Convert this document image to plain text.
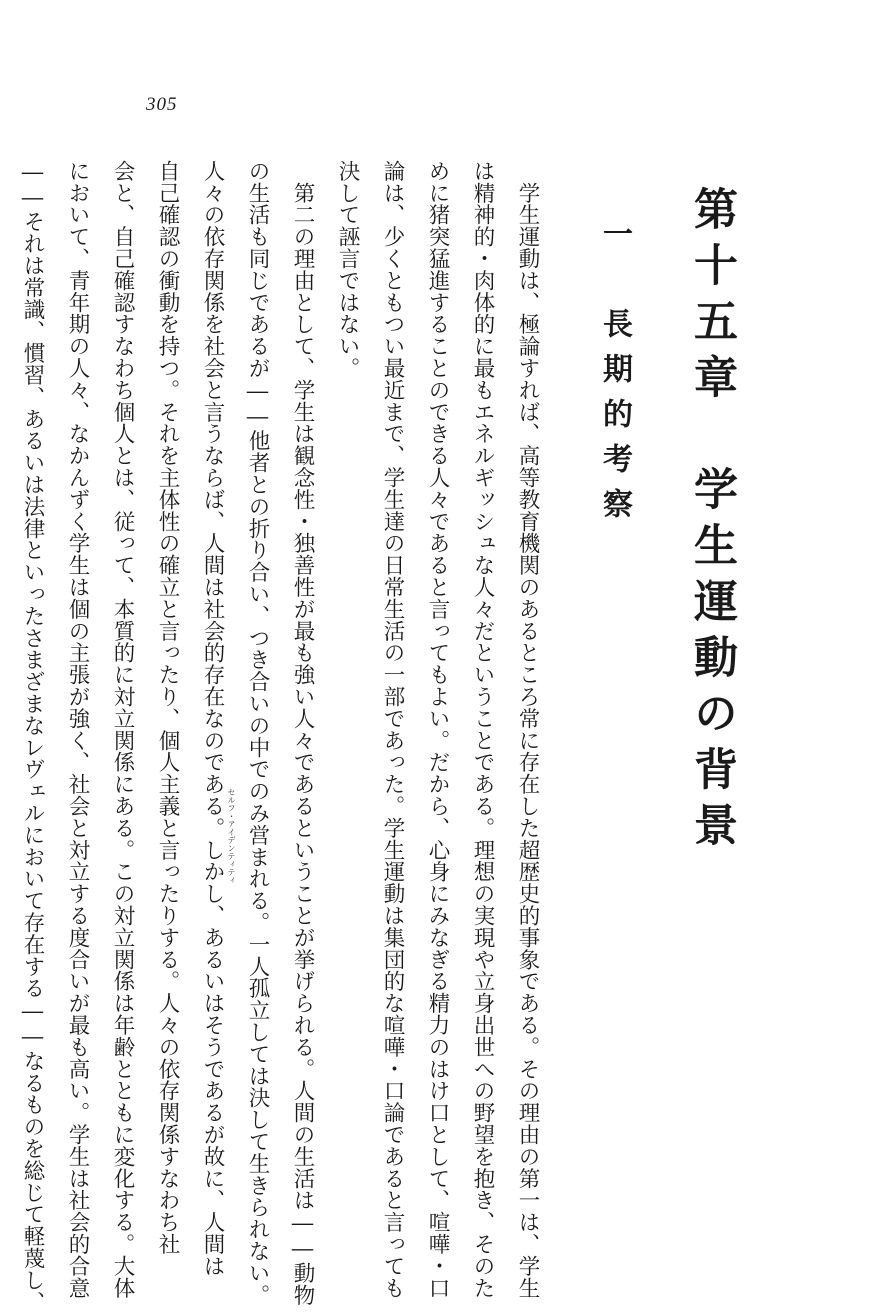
305
第十五章　学生運動の背景
一　長期的考察
　学生運動は、極論すれば、高等教育機関のあるところ常に存在した超歴史的事象である。その理由の第一は、学生
は精神的・肉体的に最もエネルギッシュな人々だということである。理想の実現や立身出世への野望を抱き、そのた
めに猪突猛進することのできる人々であると言ってもよい。だから、心身にみなぎる精力のはけ口として、喧嘩・口
論は、少くともつい最近まで、学生達の日常生活の一部であった。学生運動は集団的な喧嘩・口論であると言っても
決して誣言ではない。
　第二の理由として、学生は観念性・独善性が最も強い人々であるということが挙げられる。人間の生活は――動物
の生活も同じであるが――他者との折り合い、つき合いの中でのみ営まれる。一人孤立しては決して生きられない。
人々の依存関係を社会と言うならば、人間は社会的存在なのである。しかし、あるいはそうであるが故に、人間は
自己確認の衝動を持つ。それを主体性の確立と言ったり、個人主義と言ったりする。人々の依存関係すなわち社
会と、自己確認すなわち個人とは、従って、本質的に対立関係にある。この対立関係は年齢とともに変化する。大体
において、青年期の人々、なかんずく学生は個の主張が強く、社会と対立する度合いが最も高い。学生は社会的合意
――それは常識、慣習、あるいは法律といったさまざまなレヴェルにおいて存在する――なるものを総じて軽蔑し、	セルフ・アイデンティティ
